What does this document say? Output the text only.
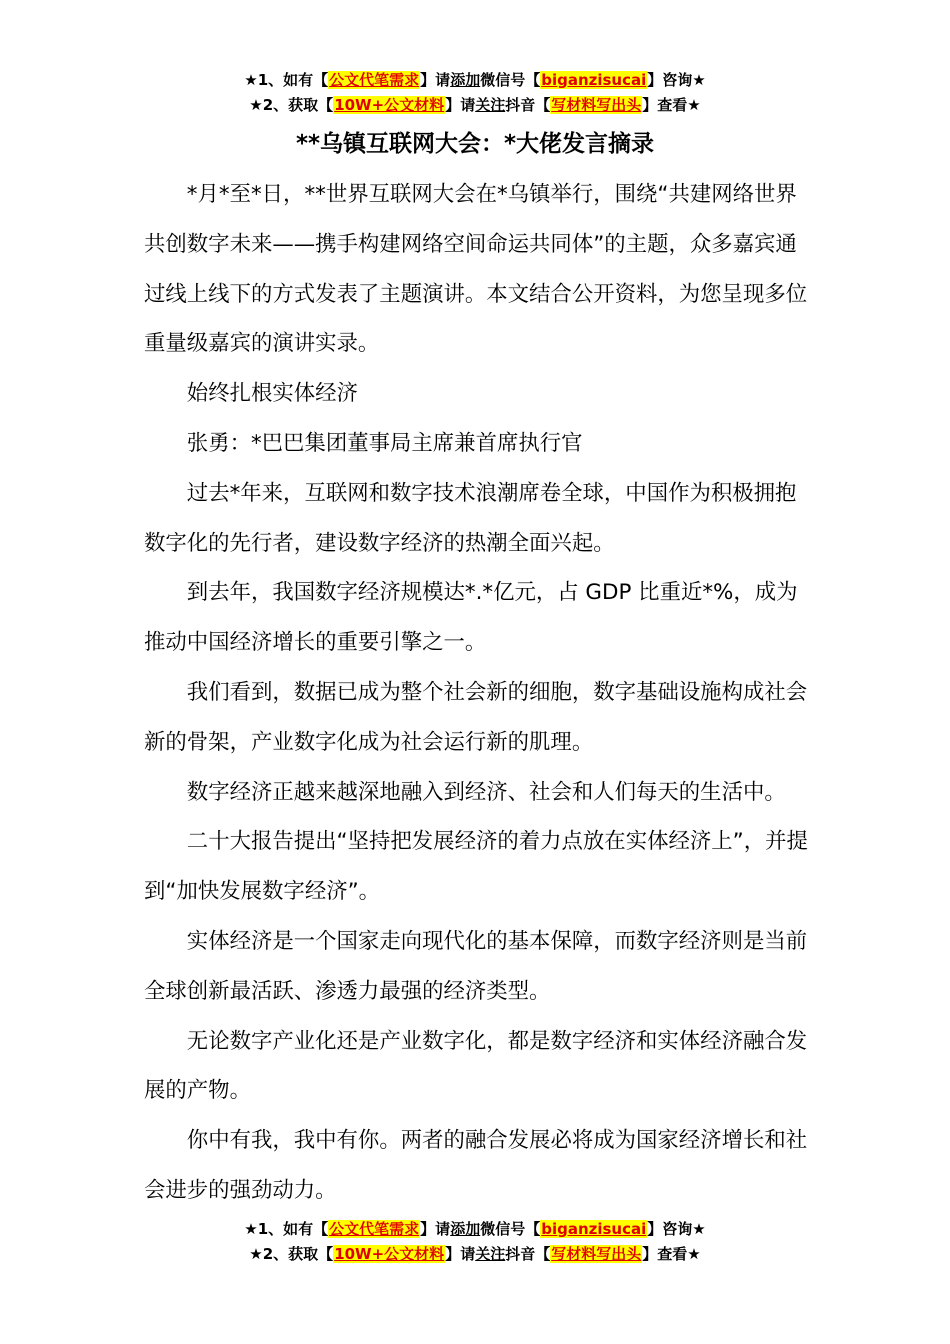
★1、如有【公文代笔需求】请添加微信号【biganzisucai】咨询★
★2、获取【10W+公文材料】请关注抖音【写材料写出头】查看★
**乌镇互联网大会：*大佬发言摘录

*月*至*日，**世界互联网大会在*乌镇举行，围绕“共建网络世界 共创数字未来——携手构建网络空间命运共同体”的主题，众多嘉宾通过线上线下的方式发表了主题演讲。本文结合公开资料，为您呈现多位重量级嘉宾的演讲实录。

始终扎根实体经济

张勇：*巴巴集团董事局主席兼首席执行官

过去*年来，互联网和数字技术浪潮席卷全球，中国作为积极拥抱数字化的先行者，建设数字经济的热潮全面兴起。

到去年，我国数字经济规模达*.*亿元，占 GDP 比重近*%，成为推动中国经济增长的重要引擎之一。

我们看到，数据已成为整个社会新的细胞，数字基础设施构成社会新的骨架，产业数字化成为社会运行新的肌理。

数字经济正越来越深地融入到经济、社会和人们每天的生活中。

二十大报告提出“坚持把发展经济的着力点放在实体经济上”，并提到“加快发展数字经济”。

实体经济是一个国家走向现代化的基本保障，而数字经济则是当前全球创新最活跃、渗透力最强的经济类型。

无论数字产业化还是产业数字化，都是数字经济和实体经济融合发展的产物。

你中有我，我中有你。两者的融合发展必将成为国家经济增长和社会进步的强劲动力。

★1、如有【公文代笔需求】请添加微信号【biganzisucai】咨询★
★2、获取【10W+公文材料】请关注抖音【写材料写出头】查看★
